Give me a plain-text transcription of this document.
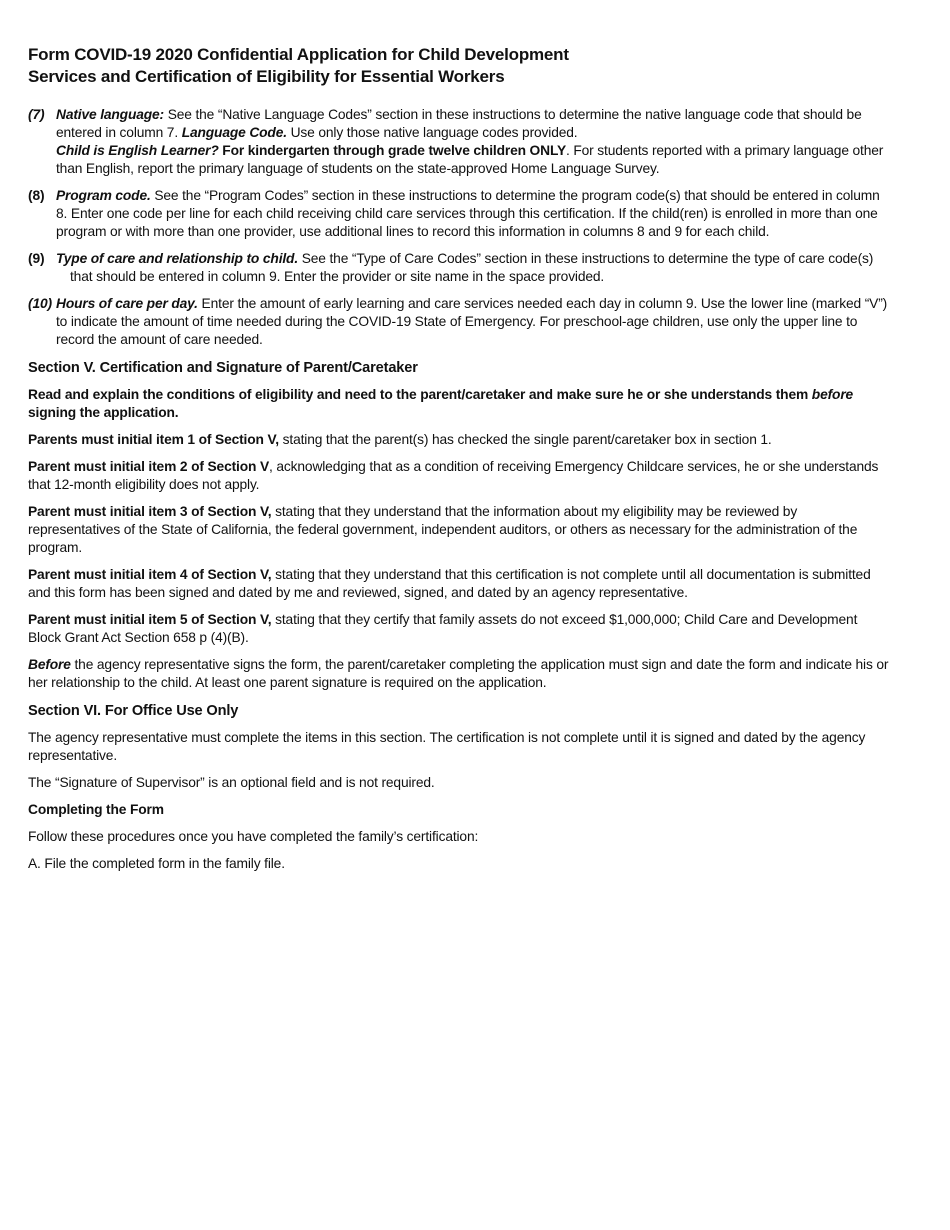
Form COVID-19 2020 Confidential Application for Child Development
Services and Certification of Eligibility for Essential Workers
(7) Native language: See the “Native Language Codes” section in these instructions to determine the native language code that should be entered in column 7. Language Code. Use only those native language codes provided.
Child is English Learner? For kindergarten through grade twelve children ONLY. For students reported with a primary language other than English, report the primary language of students on the state-approved Home Language Survey.
(8) Program code. See the “Program Codes” section in these instructions to determine the program code(s) that should be entered in column 8. Enter one code per line for each child receiving child care services through this certification. If the child(ren) is enrolled in more than one program or with more than one provider, use additional lines to record this information in columns 8 and 9 for each child.
(9) Type of care and relationship to child. See the “Type of Care Codes” section in these instructions to determine the type of care code(s) that should be entered in column 9. Enter the provider or site name in the space provided.
(10) Hours of care per day. Enter the amount of early learning and care services needed each day in column 9. Use the lower line (marked “V”) to indicate the amount of time needed during the COVID-19 State of Emergency. For preschool-age children, use only the upper line to record the amount of care needed.
Section V. Certification and Signature of Parent/Caretaker
Read and explain the conditions of eligibility and need to the parent/caretaker and make sure he or she understands them before signing the application.
Parents must initial item 1 of Section V, stating that the parent(s) has checked the single parent/caretaker box in section 1.
Parent must initial item 2 of Section V, acknowledging that as a condition of receiving Emergency Childcare services, he or she understands that 12-month eligibility does not apply.
Parent must initial item 3 of Section V, stating that they understand that the information about my eligibility may be reviewed by representatives of the State of California, the federal government, independent auditors, or others as necessary for the administration of the program.
Parent must initial item 4 of Section V, stating that they understand that this certification is not complete until all documentation is submitted and this form has been signed and dated by me and reviewed, signed, and dated by an agency representative.
Parent must initial item 5 of Section V, stating that they certify that family assets do not exceed $1,000,000; Child Care and Development Block Grant Act Section 658 p (4)(B).
Before the agency representative signs the form, the parent/caretaker completing the application must sign and date the form and indicate his or her relationship to the child. At least one parent signature is required on the application.
Section VI. For Office Use Only
The agency representative must complete the items in this section. The certification is not complete until it is signed and dated by the agency representative.
The “Signature of Supervisor” is an optional field and is not required.
Completing the Form
Follow these procedures once you have completed the family’s certification:
A. File the completed form in the family file.
